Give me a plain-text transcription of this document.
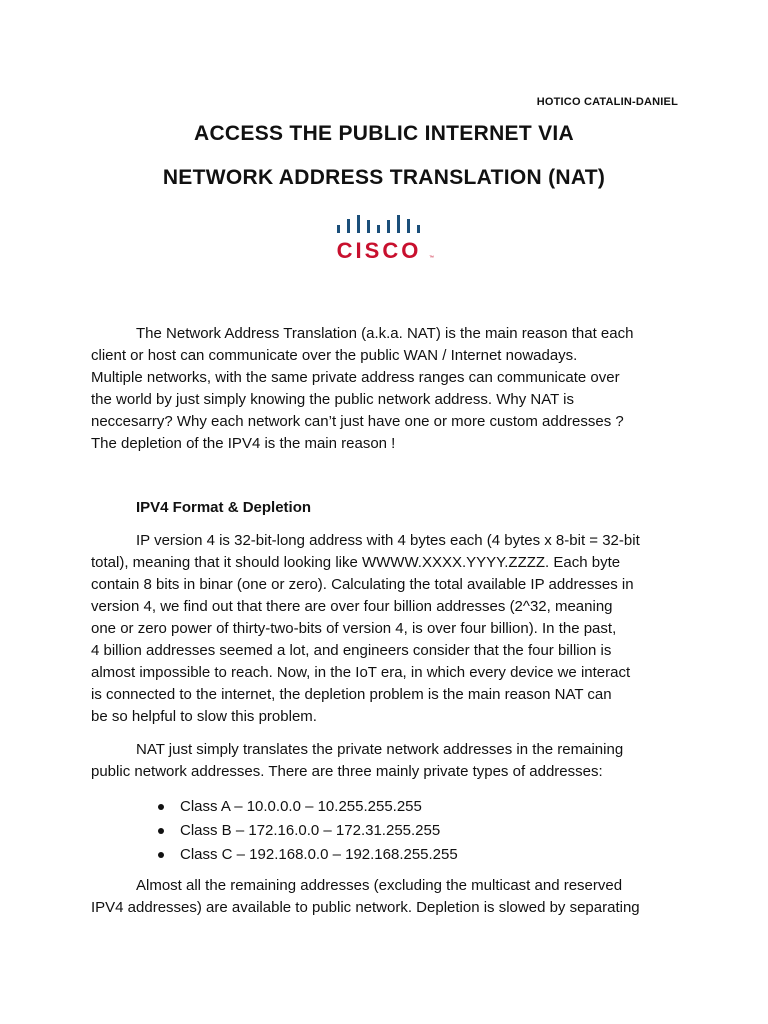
HOTICO CATALIN-DANIEL
ACCESS THE PUBLIC INTERNET VIA
NETWORK ADDRESS TRANSLATION (NAT)
CISCO ™

The Network Address Translation (a.k.a. NAT) is the main reason that each
client or host can communicate over the public WAN / Internet nowadays.
Multiple networks, with the same private address ranges can communicate over
the world by just simply knowing the public network address. Why NAT is
neccesarry? Why each network can’t just have one or more custom addresses ?
The depletion of the IPV4 is the main reason !

IPV4 Format & Depletion

IP version 4 is 32-bit-long address with 4 bytes each (4 bytes x 8-bit = 32-bit
total), meaning that it should looking like WWWW.XXXX.YYYY.ZZZZ. Each byte
contain 8 bits in binar (one or zero). Calculating the total available IP addresses in
version 4, we find out that there are over four billion addresses (2^32, meaning
one or zero power of thirty-two-bits of version 4, is over four billion). In the past,
4 billion addresses seemed a lot, and engineers consider that the four billion is
almost impossible to reach. Now, in the IoT era, in which every device we interact
is connected to the internet, the depletion problem is the main reason NAT can
be so helpful to slow this problem.

NAT just simply translates the private network addresses in the remaining
public network addresses. There are three mainly private types of addresses:

Class A – 10.0.0.0 – 10.255.255.255
Class B – 172.16.0.0 – 172.31.255.255
Class C – 192.168.0.0 – 192.168.255.255

Almost all the remaining addresses (excluding the multicast and reserved
IPV4 addresses) are available to public network. Depletion is slowed by separating
